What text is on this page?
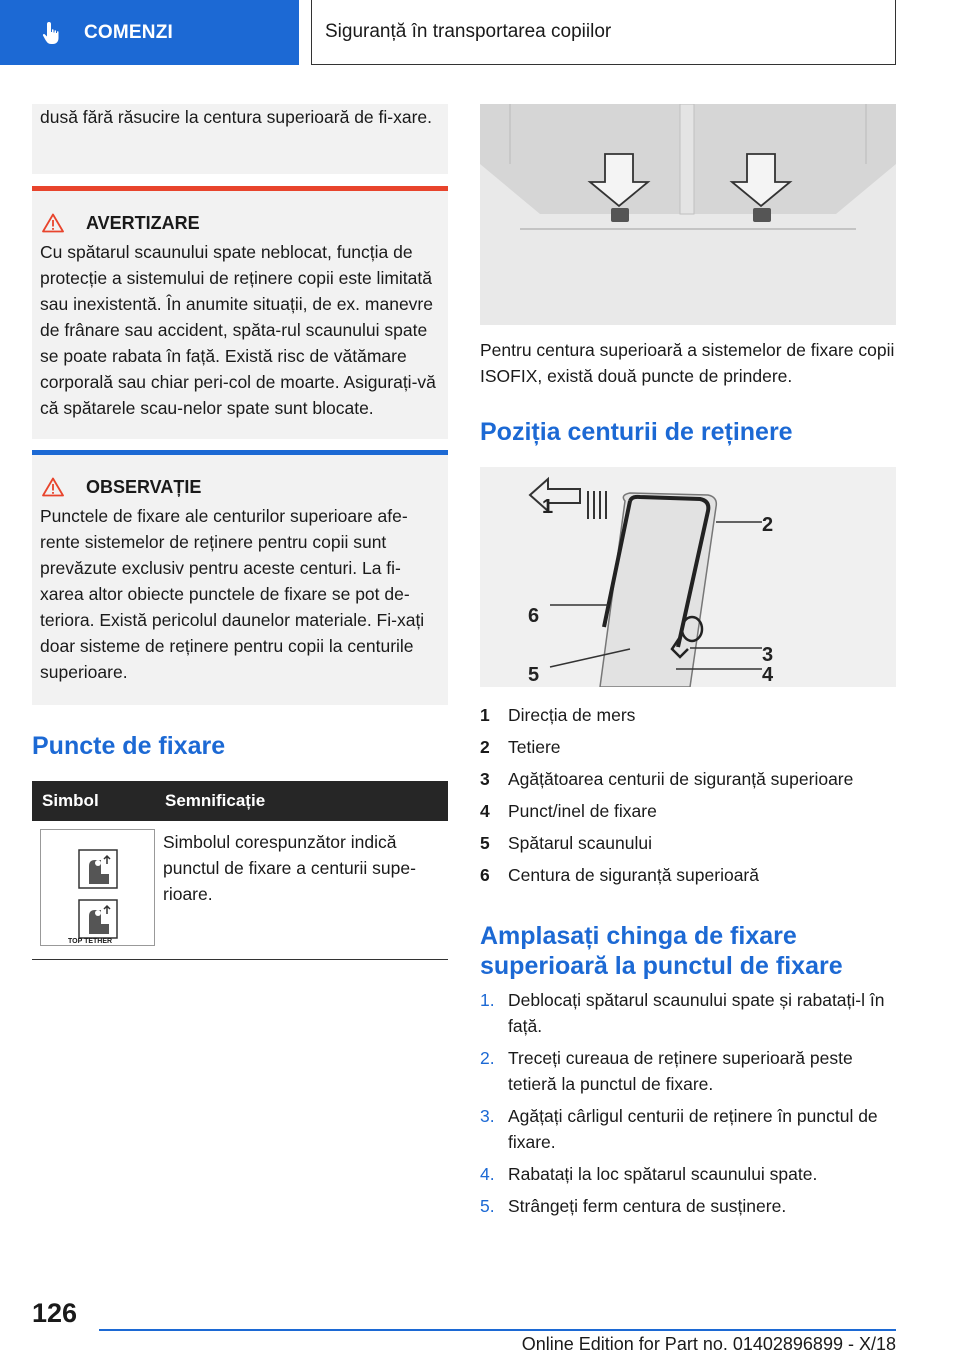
COMENZI	Siguranță în transportarea copiilor
dusă fără răsucire la centura superioară de fi-xare.
AVERTIZARE
Cu spătarul scaunului spate neblocat, funcția de protecție a sistemului de reținere copii este limitată sau inexistentă. În anumite situații, de ex. manevre de frânare sau accident, spăta-rul scaunului spate se poate rabata în față. Există risc de vătămare corporală sau chiar peri-col de moarte. Asigurați-vă că spătarele scau-nelor spate sunt blocate.
OBSERVAȚIE
Punctele de fixare ale centurilor superioare afe-rente sistemelor de reținere pentru copii sunt prevăzute exclusiv pentru aceste centuri. La fi-xarea altor obiecte punctele de fixare se pot de-teriora. Există pericolul daunelor materiale. Fi-xați doar sisteme de reținere pentru copii la centurile superioare.
Puncte de fixare
Simbol	Semnificație

TOP TETHER	Simbolul corespunzător indică punctul de fixare a centurii supe-rioare.

Pentru centura superioară a sistemelor de fixare copii ISOFIX, există două puncte de prindere.

Poziția centurii de reținere
1
2
3
4
5
6
1	Direcția de mers
2	Tetiere
3	Agățătoarea centurii de siguranță superioare
4	Punct/inel de fixare
5	Spătarul scaunului
6	Centura de siguranță superioară
Amplasați chinga de fixare superioară la punctul de fixare
1. Deblocați spătarul scaunului spate și rabatați-l în față.
2. Treceți cureaua de reținere superioară peste tetieră la punctul de fixare.
3. Agățați cârligul centurii de reținere în punctul de fixare.
4. Rabatați la loc spătarul scaunului spate.
5. Strângeți ferm centura de susținere.
126
Online Edition for Part no. 01402896899 - X/18
